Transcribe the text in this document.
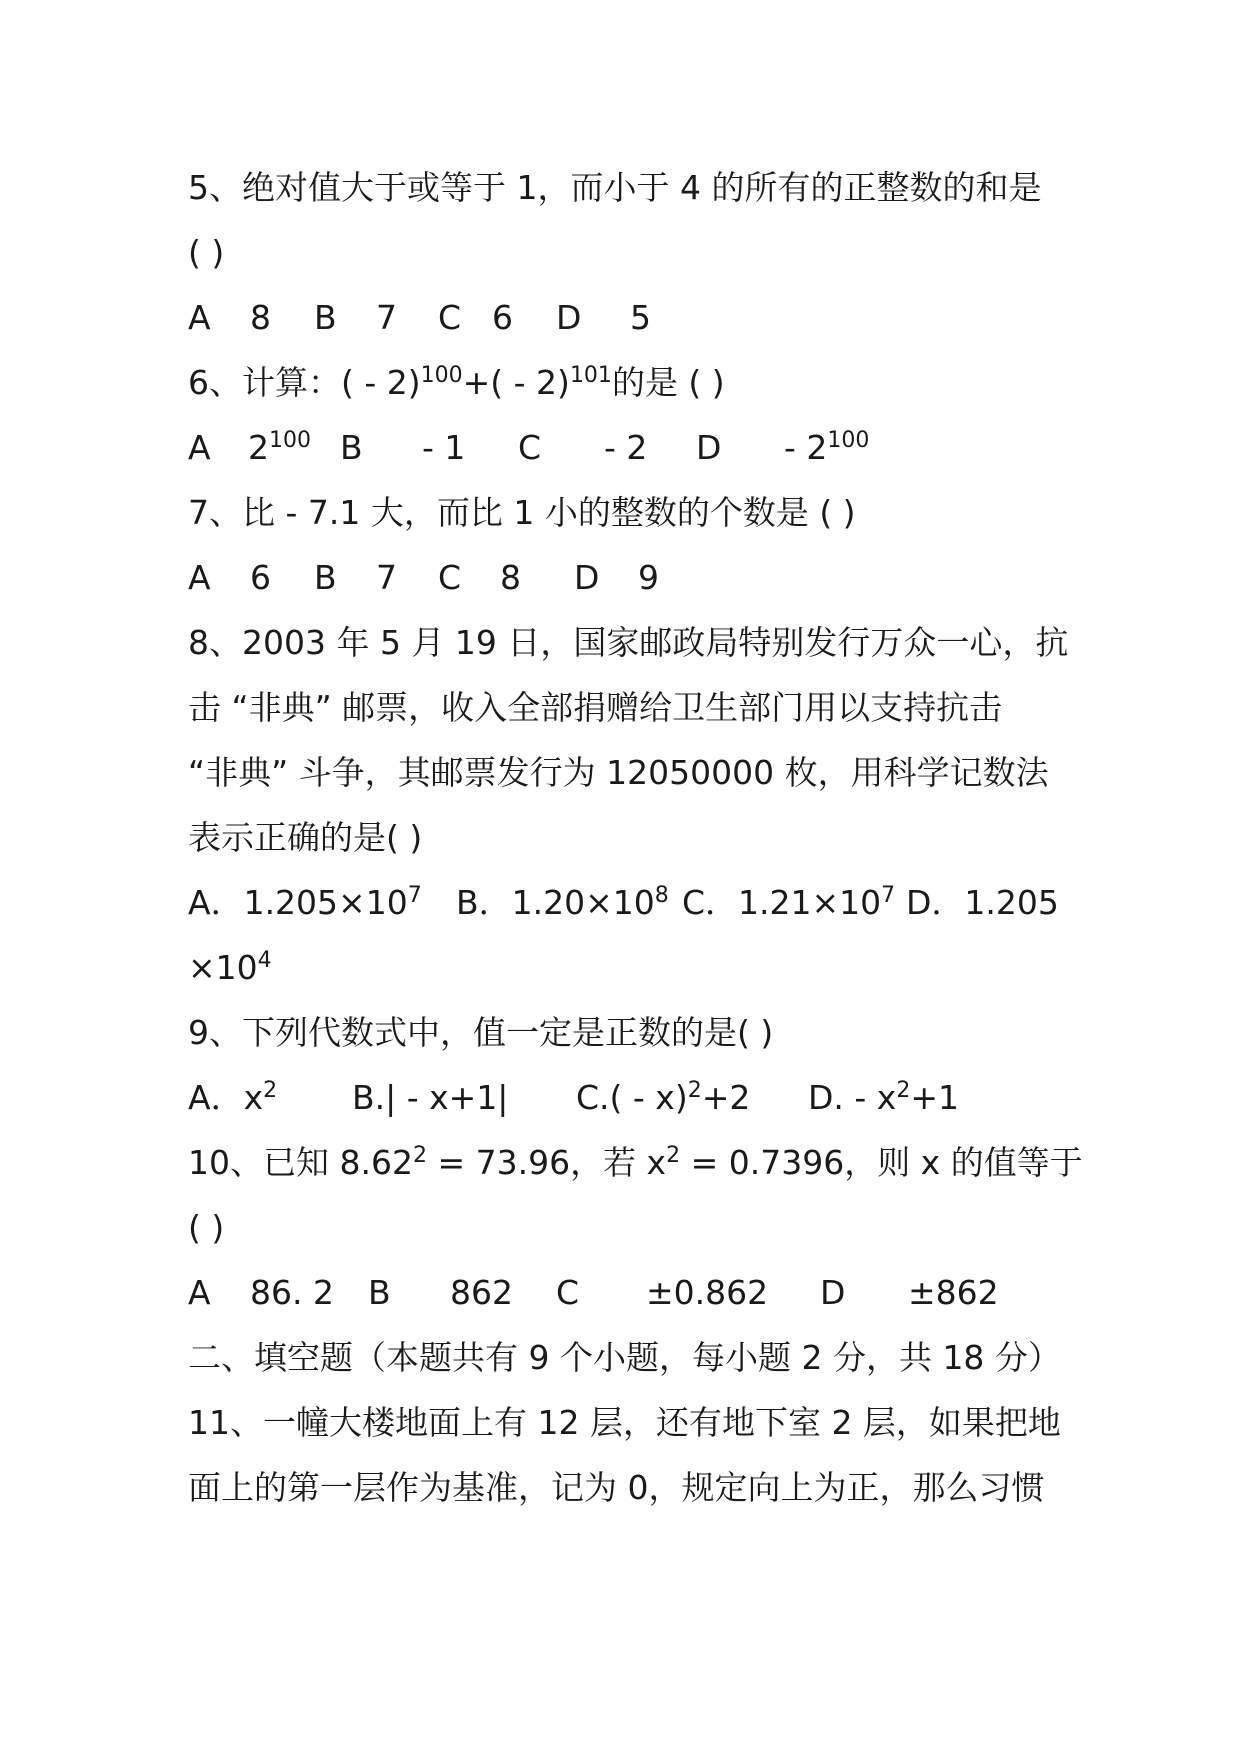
5、绝对值大于或等于 1，而小于 4 的所有的正整数的和是
( )
A 8 B 7 C 6 D 5
6、计算：( - 2)$^{100}$+( - 2)$^{101}$的是 ( )
A $2^{100}$ B - 1 C - 2 D - $2^{100}$
7、比 - 7.1 大，而比 1 小的整数的个数是 ( )
A 6 B 7 C 8 D 9
8、2003 年 5 月 19 日，国家邮政局特别发行万众一心，抗
击 “非典” 邮票，收入全部捐赠给卫生部门用以支持抗击
“非典” 斗争，其邮票发行为 12050000 枚，用科学记数法
表示正确的是( )
A．$1.205\times 10^7$ B．$1.20\times 10^8$ C．$1.21\times 10^7$ D．1.205
$\times 10^4$
9、下列代数式中，值一定是正数的是( )
A．$x^2$ B.| - x+1| C.( - x)$^2$+2 D. - $x^2+1$
10、已知 $8.62^2 = 73.96$，若 $x^2 = 0.7396$，则 x 的值等于
( )
A 86. 2 B 862 C ±0.862 D ±862
二、填空题（本题共有 9 个小题，每小题 2 分，共 18 分）
11、一幢大楼地面上有 12 层，还有地下室 2 层，如果把地
面上的第一层作为基准，记为 0，规定向上为正，那么习惯
